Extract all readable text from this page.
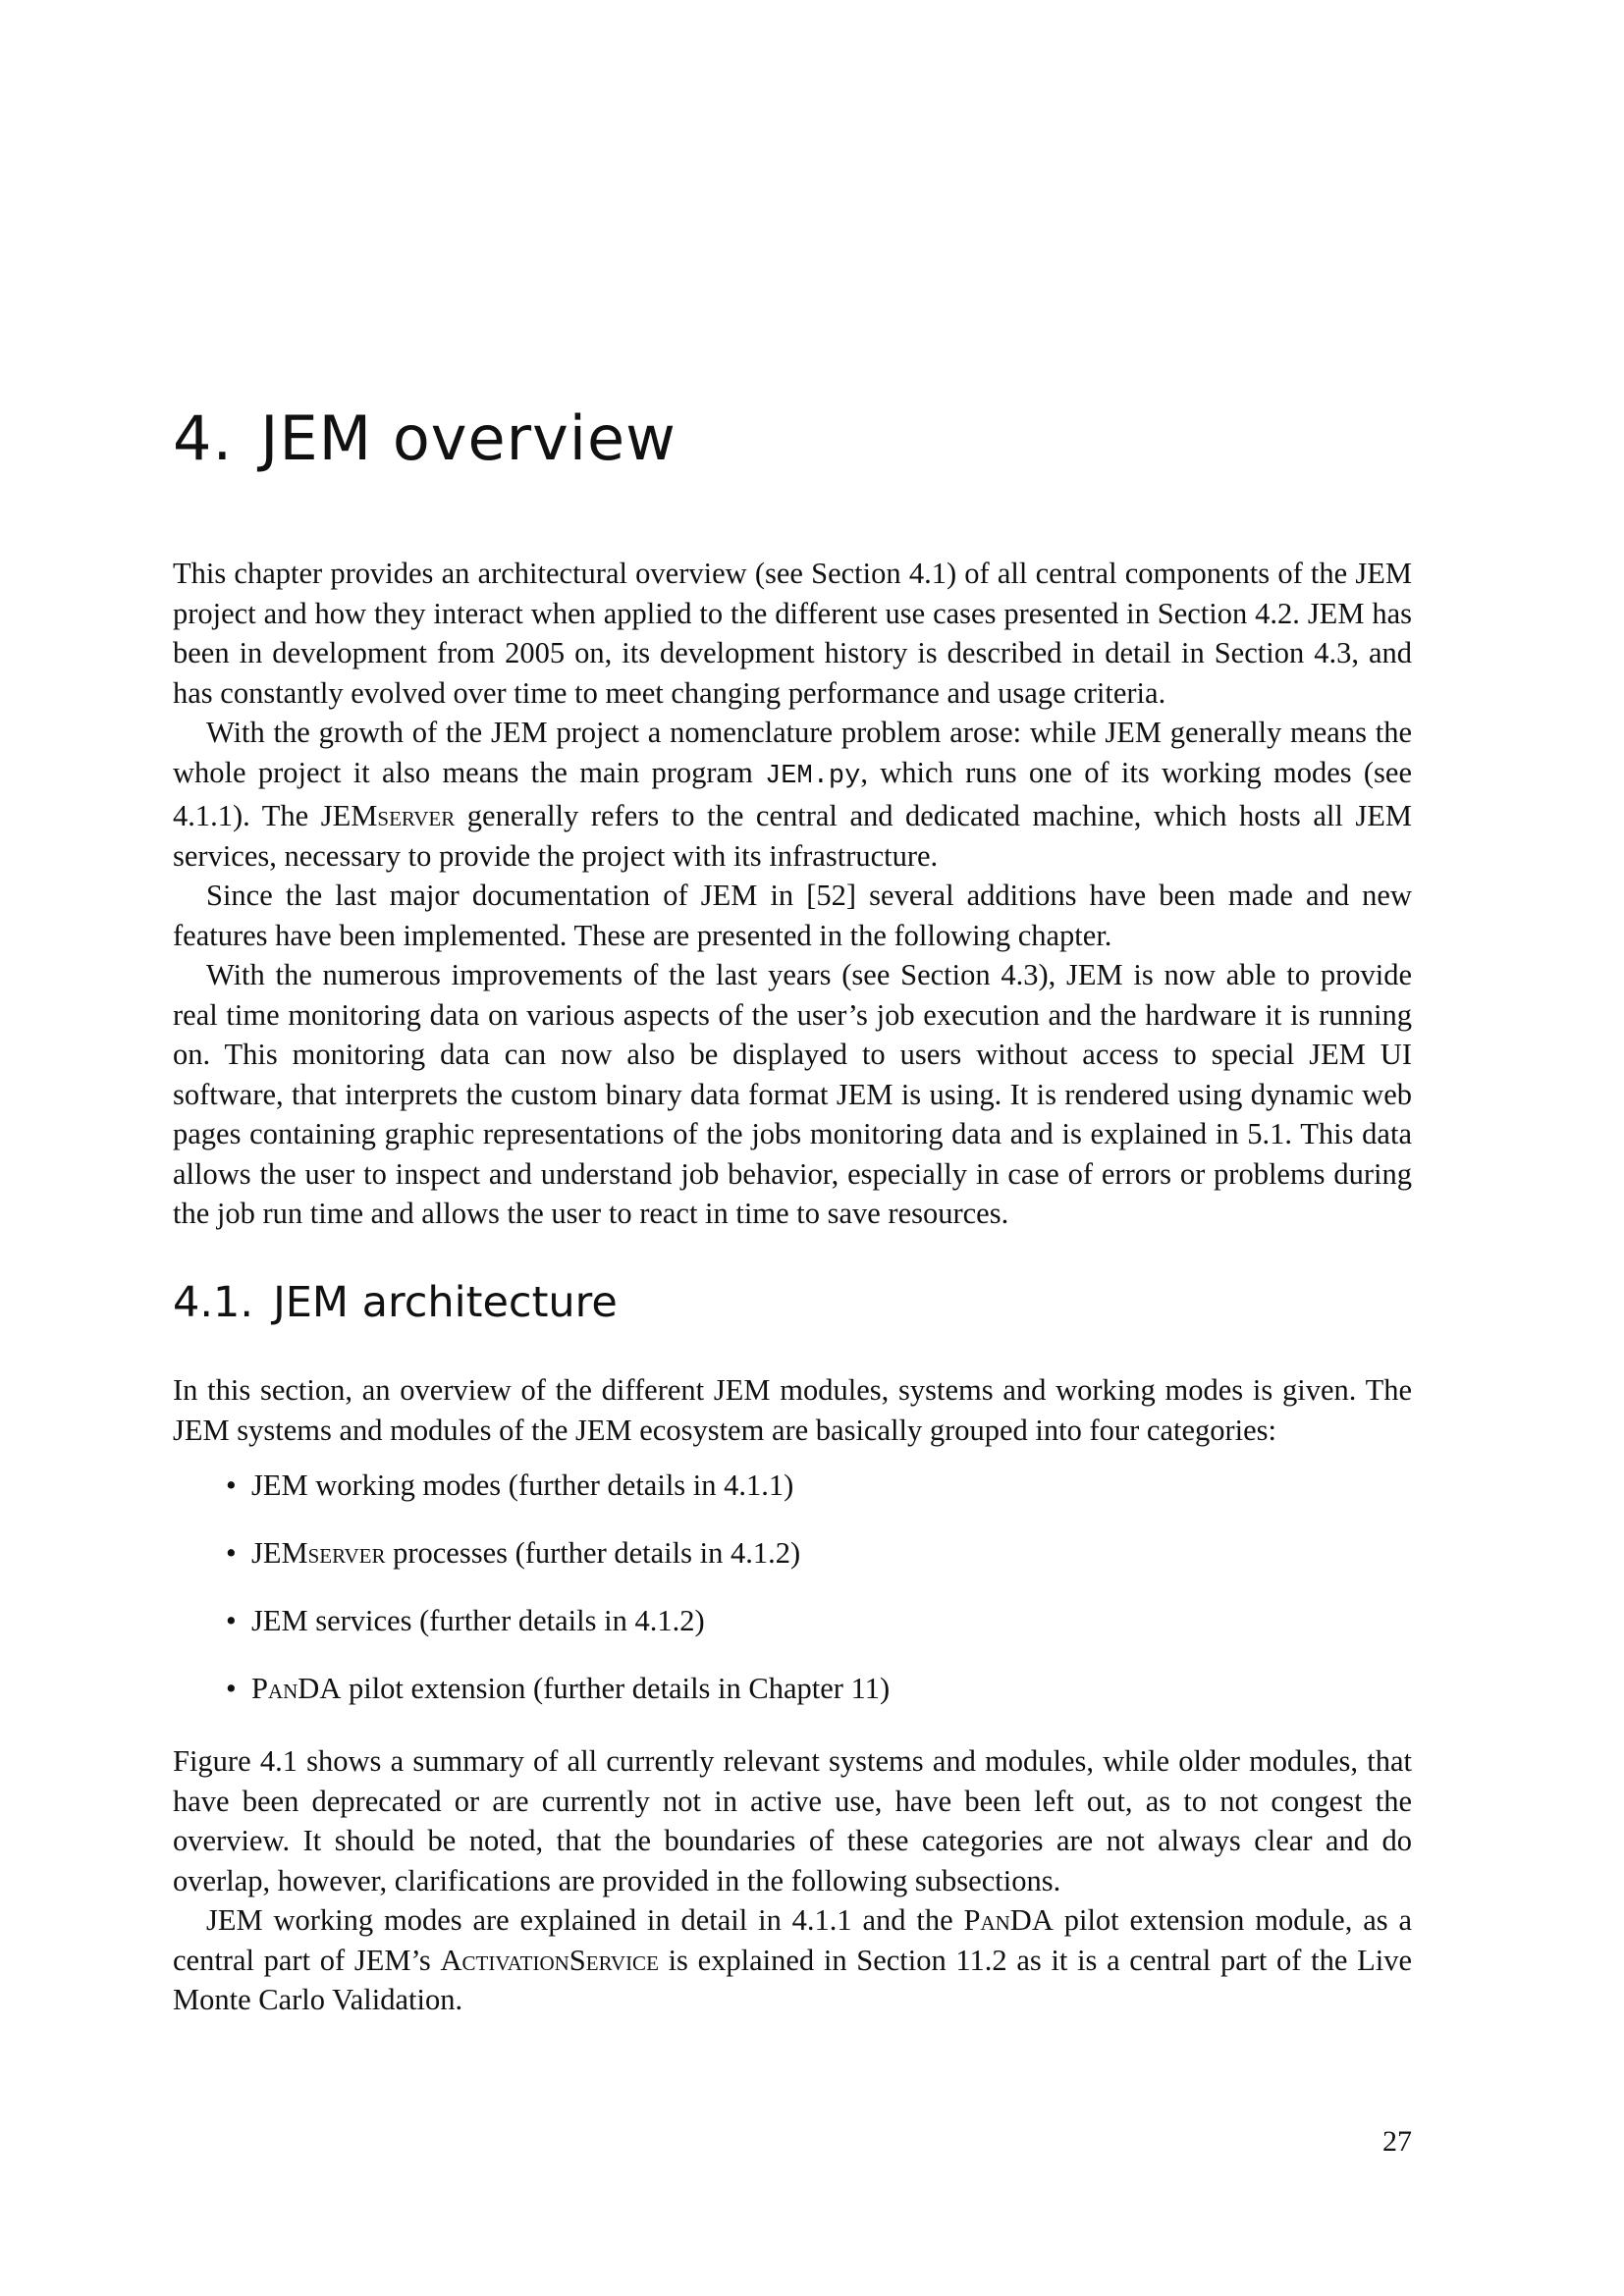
4. JEM overview

This chapter provides an architectural overview (see Section 4.1) of all central components of the JEM project and how they interact when applied to the different use cases presented in Section 4.2. JEM has been in development from 2005 on, its development history is described in detail in Section 4.3, and has constantly evolved over time to meet changing performance and usage criteria.

With the growth of the JEM project a nomenclature problem arose: while JEM generally means the whole project it also means the main program JEM.py, which runs one of its working modes (see 4.1.1). The JEMserver generally refers to the central and dedicated machine, which hosts all JEM services, necessary to provide the project with its infrastructure.

Since the last major documentation of JEM in [52] several additions have been made and new features have been implemented. These are presented in the following chapter.

With the numerous improvements of the last years (see Section 4.3), JEM is now able to provide real time monitoring data on various aspects of the user’s job execution and the hardware it is running on. This monitoring data can now also be displayed to users without access to special JEM UI software, that interprets the custom binary data format JEM is using. It is rendered using dynamic web pages containing graphic representations of the jobs monitoring data and is explained in 5.1. This data allows the user to inspect and understand job behavior, especially in case of errors or problems during the job run time and allows the user to react in time to save resources.

4.1. JEM architecture

In this section, an overview of the different JEM modules, systems and working modes is given. The JEM systems and modules of the JEM ecosystem are basically grouped into four categories:

• JEM working modes (further details in 4.1.1)
• JEMserver processes (further details in 4.1.2)
• JEM services (further details in 4.1.2)
• PanDA pilot extension (further details in Chapter 11)

Figure 4.1 shows a summary of all currently relevant systems and modules, while older modules, that have been deprecated or are currently not in active use, have been left out, as to not congest the overview. It should be noted, that the boundaries of these categories are not always clear and do overlap, however, clarifications are provided in the following subsections.

JEM working modes are explained in detail in 4.1.1 and the PanDA pilot extension module, as a central part of JEM’s ActivationService is explained in Section 11.2 as it is a central part of the Live Monte Carlo Validation.

27
